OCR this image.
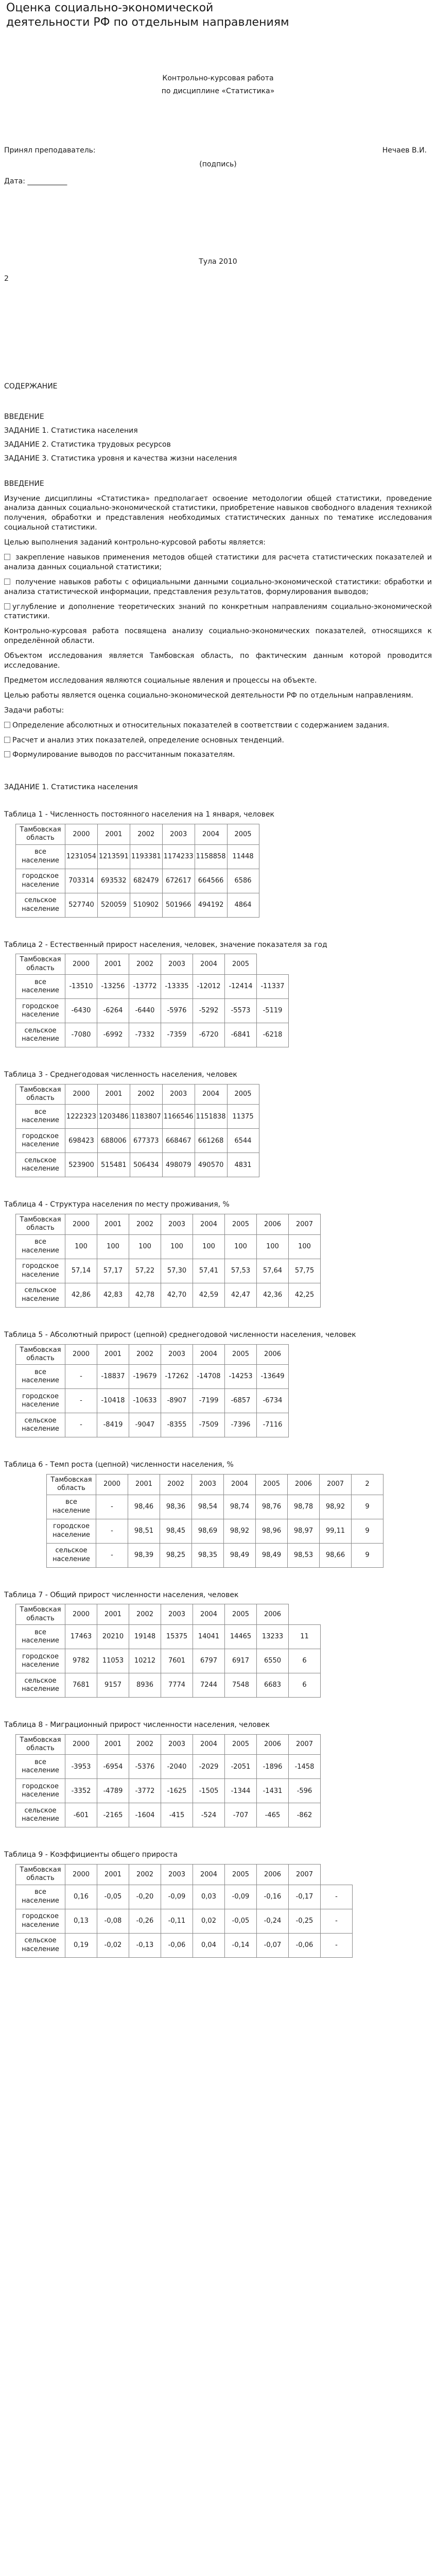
Оценка социально-экономической деятельности РФ по отдельным направлениям
Контрольно-курсовая работа
по дисциплине «Статистика»
Принял преподаватель:	Нечаев В.И.
(подпись)
Дата: ___________
Тула 2010
2
СОДЕРЖАНИЕ
ВВЕДЕНИЕ
ЗАДАНИЕ 1. Статистика населения
ЗАДАНИЕ 2. Статистика трудовых ресурсов
ЗАДАНИЕ 3. Статистика уровня и качества жизни населения
ВВЕДЕНИЕ

Изучение дисциплины «Статистика» предполагает освоение методологии общей статистики, проведение анализа данных социально-экономической статистики, приобретение навыков свободного владения техникой получения, обработки и представления необходимых статистических данных по тематике исследования социальной статистики.

Целью выполнения заданий контрольно-курсовой работы является:

закрепление навыков применения методов общей статистики для расчета статистических показателей и анализа данных социальной статистики;

получение навыков работы с официальными данными социально-экономической статистики: обработки и анализа статистической информации, представления результатов, формулирования выводов;

углубление и дополнение теоретических знаний по конкретным направлениям социально-экономической статистики.

Контрольно-курсовая работа посвящена анализу социально-экономических показателей, относящихся к определённой области.

Объектом исследования является Тамбовская область, по фактическим данным которой проводится исследование.

Предметом исследования являются социальные явления и процессы на объекте.

Целью работы является оценка социально-экономической деятельности РФ по отдельным направлениям.

Задачи работы:

Определение абсолютных и относительных показателей в соответствии с содержанием задания.

Расчет и анализ этих показателей, определение основных тенденций.

Формулирование выводов по рассчитанным показателям.

ЗАДАНИЕ 1. Статистика населения
Таблица 1 - Численность постоянного населения на 1 января, человек
Тамбовская область	2000	2001	2002	2003	2004	2005
все население	1231054	1213591	1193381	1174233	1158858	11448
городское население	703314	693532	682479	672617	664566	6586
сельское население	527740	520059	510902	501966	494192	4864
Таблица 2 - Естественный прирост населения, человек, значение показателя за год
Тамбовская область	2000	2001	2002	2003	2004	2005	
все население	-13510	-13256	-13772	-13335	-12012	-12414	-11337
городское население	-6430	-6264	-6440	-5976	-5292	-5573	-5119
сельское население	-7080	-6992	-7332	-7359	-6720	-6841	-6218
Таблица 3 - Среднегодовая численность населения, человек
Тамбовская область	2000	2001	2002	2003	2004	2005
все население	1222323	1203486	1183807	1166546	1151838	11375
городское население	698423	688006	677373	668467	661268	6544
сельское население	523900	515481	506434	498079	490570	4831
Таблица 4 - Структура населения по месту проживания, %
Тамбовская область	2000	2001	2002	2003	2004	2005	2006	2007
все население	100	100	100	100	100	100	100	100
городское население	57,14	57,17	57,22	57,30	57,41	57,53	57,64	57,75
сельское население	42,86	42,83	42,78	42,70	42,59	42,47	42,36	42,25
Таблица 5 - Абсолютный прирост (цепной) среднегодовой численности населения, человек
Тамбовская область	2000	2001	2002	2003	2004	2005	2006
все население	-	-18837	-19679	-17262	-14708	-14253	-13649
городское население	-	-10418	-10633	-8907	-7199	-6857	-6734
сельское население	-	-8419	-9047	-8355	-7509	-7396	-7116
Таблица 6 - Темп роста (цепной) численности населения, %
Тамбовская область	2000	2001	2002	2003	2004	2005	2006	2007	2
все население	-	98,46	98,36	98,54	98,74	98,76	98,78	98,92	9
городское население	-	98,51	98,45	98,69	98,92	98,96	98,97	99,11	9
сельское население	-	98,39	98,25	98,35	98,49	98,49	98,53	98,66	9
Таблица 7 - Общий прирост численности населения, человек
Тамбовская область	2000	2001	2002	2003	2004	2005	2006	
все население	17463	20210	19148	15375	14041	14465	13233	11
городское население	9782	11053	10212	7601	6797	6917	6550	6
сельское население	7681	9157	8936	7774	7244	7548	6683	6
Таблица 8 - Миграционный прирост численности населения, человек
Тамбовская область	2000	2001	2002	2003	2004	2005	2006	2007
все население	-3953	-6954	-5376	-2040	-2029	-2051	-1896	-1458
городское население	-3352	-4789	-3772	-1625	-1505	-1344	-1431	-596
сельское население	-601	-2165	-1604	-415	-524	-707	-465	-862
Таблица 9 - Коэффициенты общего прироста
Тамбовская область	2000	2001	2002	2003	2004	2005	2006	2007	
все население	0,16	-0,05	-0,20	-0,09	0,03	-0,09	-0,16	-0,17	-
городское население	0,13	-0,08	-0,26	-0,11	0,02	-0,05	-0,24	-0,25	-
сельское население	0,19	-0,02	-0,13	-0,06	0,04	-0,14	-0,07	-0,06	-
